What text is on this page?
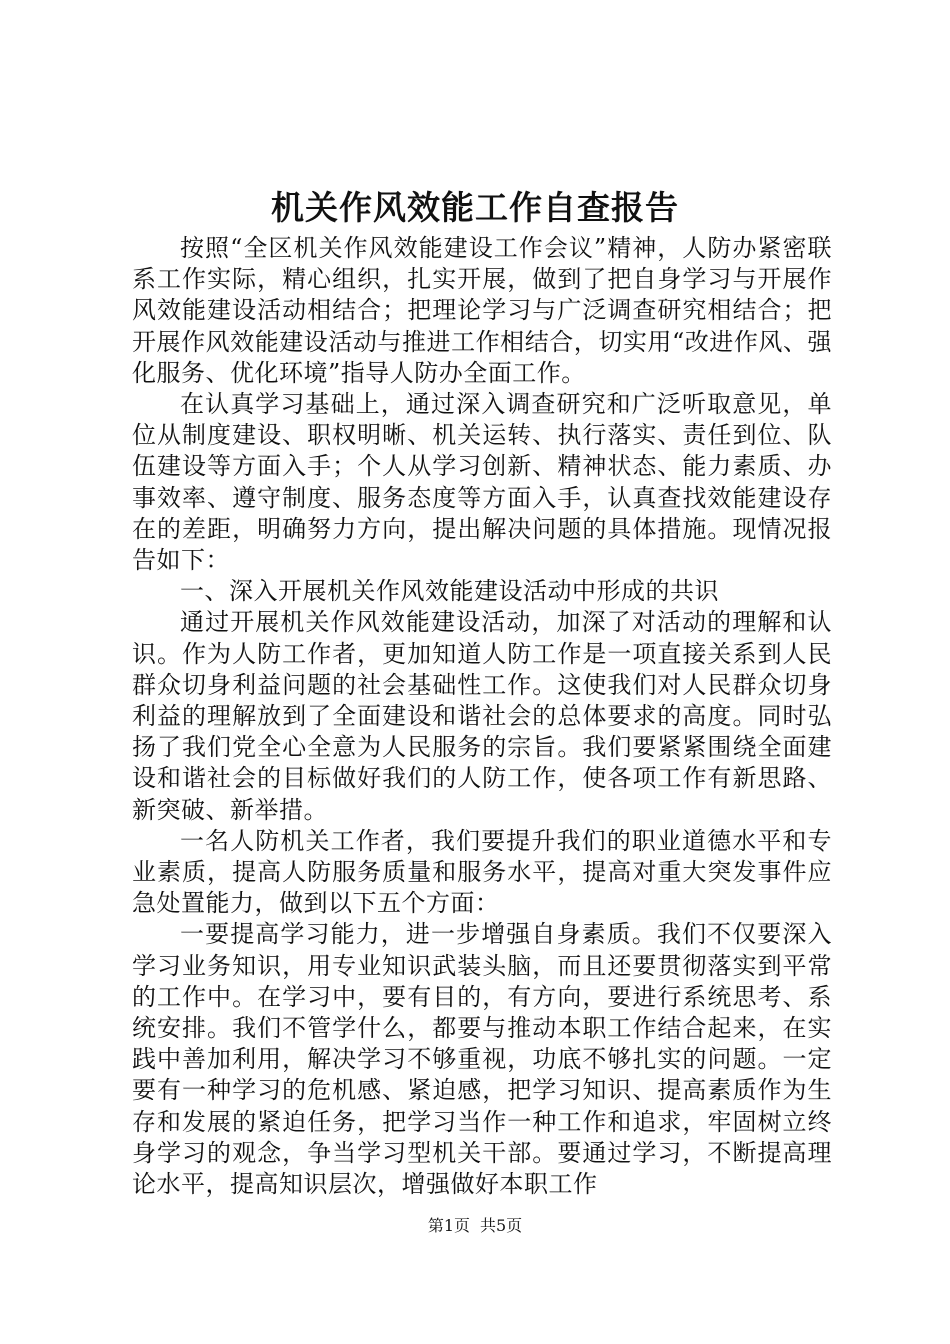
机关作风效能工作自查报告

按照“全区机关作风效能建设工作会议”精神，人防办紧密联系工作实际，精心组织，扎实开展，做到了把自身学习与开展作风效能建设活动相结合；把理论学习与广泛调查研究相结合；把开展作风效能建设活动与推进工作相结合，切实用“改进作风、强化服务、优化环境”指导人防办全面工作。

在认真学习基础上，通过深入调查研究和广泛听取意见，单位从制度建设、职权明晰、机关运转、执行落实、责任到位、队伍建设等方面入手；个人从学习创新、精神状态、能力素质、办事效率、遵守制度、服务态度等方面入手，认真查找效能建设存在的差距，明确努力方向，提出解决问题的具体措施。现情况报告如下：

一、深入开展机关作风效能建设活动中形成的共识

通过开展机关作风效能建设活动，加深了对活动的理解和认识。作为人防工作者，更加知道人防工作是一项直接关系到人民群众切身利益问题的社会基础性工作。这使我们对人民群众切身利益的理解放到了全面建设和谐社会的总体要求的高度。同时弘扬了我们党全心全意为人民服务的宗旨。我们要紧紧围绕全面建设和谐社会的目标做好我们的人防工作，使各项工作有新思路、新突破、新举措。

一名人防机关工作者，我们要提升我们的职业道德水平和专业素质，提高人防服务质量和服务水平，提高对重大突发事件应急处置能力，做到以下五个方面：

一要提高学习能力，进一步增强自身素质。我们不仅要深入学习业务知识，用专业知识武装头脑，而且还要贯彻落实到平常的工作中。在学习中，要有目的，有方向，要进行系统思考、系统安排。我们不管学什么，都要与推动本职工作结合起来，在实践中善加利用，解决学习不够重视，功底不够扎实的问题。一定要有一种学习的危机感、紧迫感，把学习知识、提高素质作为生存和发展的紧迫任务，把学习当作一种工作和追求，牢固树立终身学习的观念，争当学习型机关干部。要通过学习，不断提高理论水平，提高知识层次，增强做好本职工作

第1页 共5页
